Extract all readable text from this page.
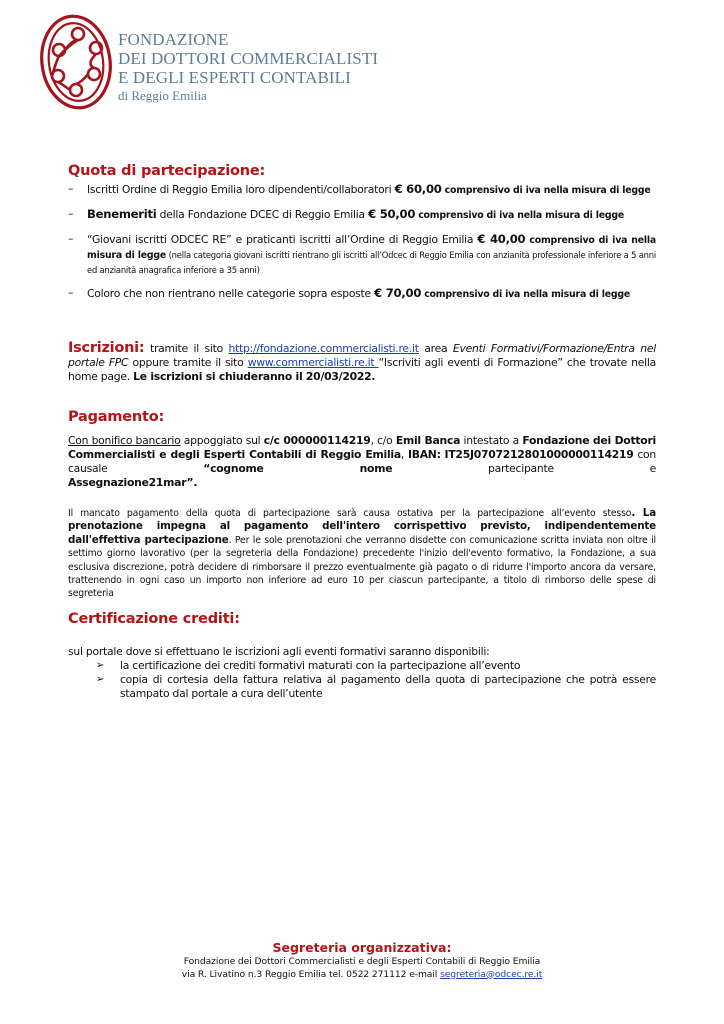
FONDAZIONE
DEI DOTTORI COMMERCIALISTI
E DEGLI ESPERTI CONTABILI
di Reggio Emilia
Quota di partecipazione:
– Iscritti Ordine di Reggio Emilia loro dipendenti/collaboratori € 60,00 comprensivo di iva nella misura di legge
– Benemeriti della Fondazione DCEC di Reggio Emilia € 50,00 comprensivo di iva nella misura di legge
– “Giovani iscritti ODCEC RE” e praticanti iscritti all’Ordine di Reggio Emilia € 40,00 comprensivo di iva nella misura di legge (nella categoria giovani iscritti rientrano gli iscritti all’Odcec di Reggio Emilia con anzianità professionale inferiore a 5 anni ed anzianità anagrafica inferiore a 35 anni)
– Coloro che non rientrano nelle categorie sopra esposte € 70,00 comprensivo di iva nella misura di legge
Iscrizioni: tramite il sito http://fondazione.commercialisti.re.it area Eventi Formativi/Formazione/Entra nel portale FPC oppure tramite il sito www.commercialisti.re.it “Iscriviti agli eventi di Formazione” che trovate nella home page. Le iscrizioni si chiuderanno il 20/03/2022.
Pagamento:

Con bonifico bancario appoggiato sul c/c 000000114219, c/o Emil Banca intestato a Fondazione dei Dottori Commercialisti e degli Esperti Contabili di Reggio Emilia, IBAN: IT25J0707212801000000114219 con causale “cognome nome partecipante e

Assegnazione21mar”.

Il mancato pagamento della quota di partecipazione sarà causa ostativa per la partecipazione all’evento stesso. La prenotazione impegna al pagamento dell'intero corrispettivo previsto, indipendentemente dall'effettiva partecipazione. Per le sole prenotazioni che verranno disdette con comunicazione scritta inviata non oltre il settimo giorno lavorativo (per la segreteria della Fondazione) precedente l'inizio dell'evento formativo, la Fondazione, a sua esclusiva discrezione, potrà decidere di rimborsare il prezzo eventualmente già pagato o di ridurre l'importo ancora da versare, trattenendo in ogni caso un importo non inferiore ad euro 10 per ciascun partecipante, a titolo di rimborso delle spese di segreteria
Certificazione crediti:

sul portale dove si effettuano le iscrizioni agli eventi formativi saranno disponibili:

➢ la certificazione dei crediti formativi maturati con la partecipazione all’evento
➢ copia di cortesia della fattura relativa al pagamento della quota di partecipazione che potrà essere stampato dal portale a cura dell’utente
Segreteria organizzativa:
Fondazione dei Dottori Commercialisti e degli Esperti Contabili di Reggio Emilia
via R. Livatino n.3 Reggio Emilia tel. 0522 271112 e-mail segreteria@odcec.re.it
